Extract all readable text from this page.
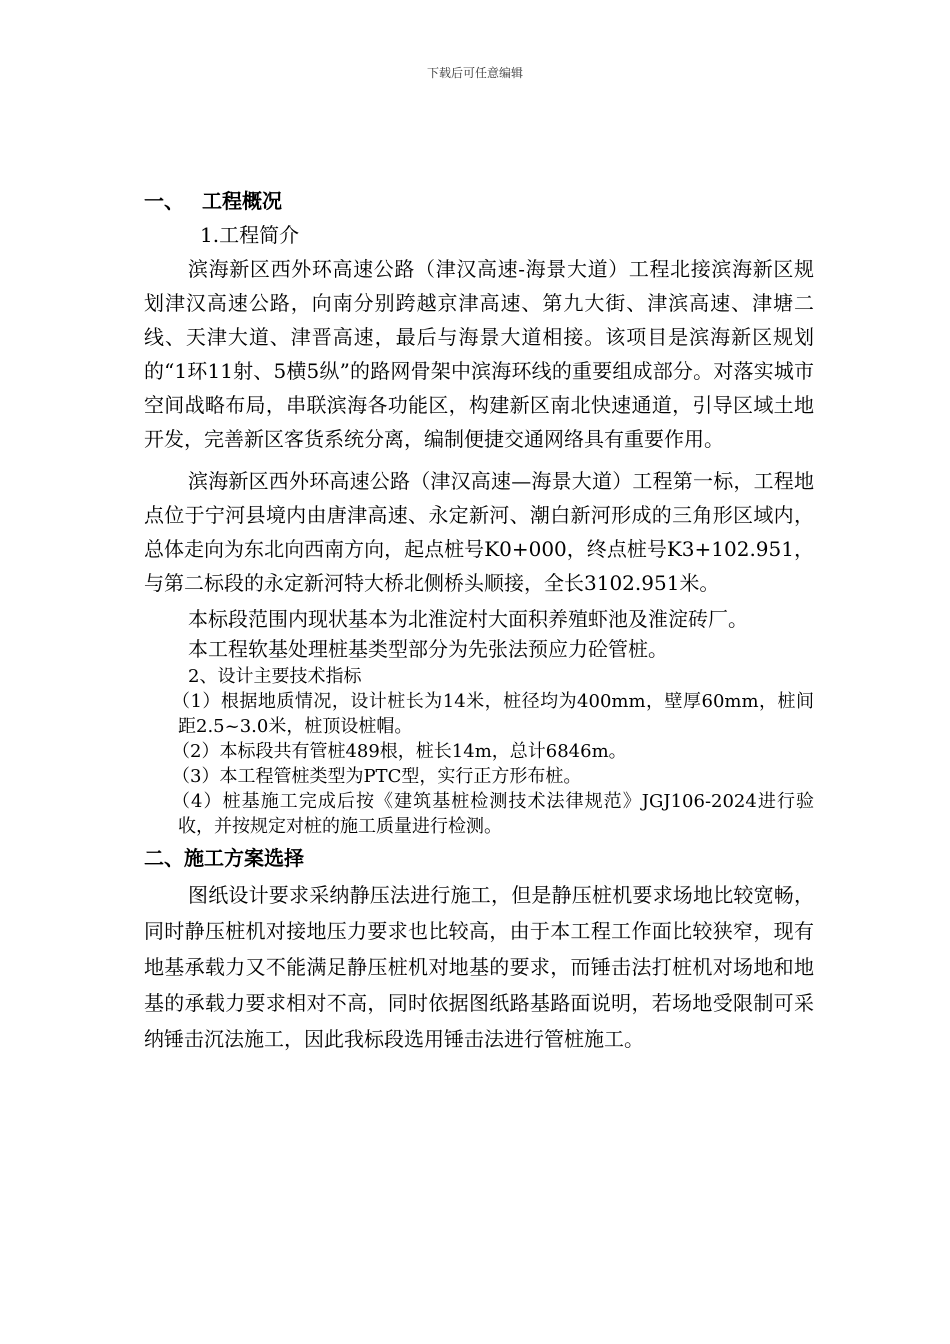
下载后可任意编辑
一、 工程概况
1.工程简介
滨海新区西外环高速公路（津汉高速-海景大道）工程北接滨海新区规划津汉高速公路，向南分别跨越京津高速、第九大街、津滨高速、津塘二线、天津大道、津晋高速，最后与海景大道相接。该项目是滨海新区规划的“1环11射、5横5纵”的路网骨架中滨海环线的重要组成部分。对落实城市空间战略布局，串联滨海各功能区，构建新区南北快速通道，引导区域土地开发，完善新区客货系统分离，编制便捷交通网络具有重要作用。
滨海新区西外环高速公路（津汉高速—海景大道）工程第一标，工程地点位于宁河县境内由唐津高速、永定新河、潮白新河形成的三角形区域内，总体走向为东北向西南方向，起点桩号K0+000，终点桩号K3+102.951，与第二标段的永定新河特大桥北侧桥头顺接，全长3102.951米。
本标段范围内现状基本为北淮淀村大面积养殖虾池及淮淀砖厂。
本工程软基处理桩基类型部分为先张法预应力砼管桩。
2、设计主要技术指标
（1）根据地质情况，设计桩长为14米，桩径均为400mm，壁厚60mm，桩间距2.5~3.0米，桩顶设桩帽。
（2）本标段共有管桩489根，桩长14m，总计6846m。
（3）本工程管桩类型为PTC型，实行正方形布桩。
（4）桩基施工完成后按《建筑基桩检测技术法律规范》JGJ106-2024进行验收，并按规定对桩的施工质量进行检测。
二、施工方案选择
图纸设计要求采纳静压法进行施工，但是静压桩机要求场地比较宽畅，同时静压桩机对接地压力要求也比较高，由于本工程工作面比较狭窄，现有地基承载力又不能满足静压桩机对地基的要求，而锤击法打桩机对场地和地基的承载力要求相对不高，同时依据图纸路基路面说明，若场地受限制可采纳锤击沉法施工，因此我标段选用锤击法进行管桩施工。
